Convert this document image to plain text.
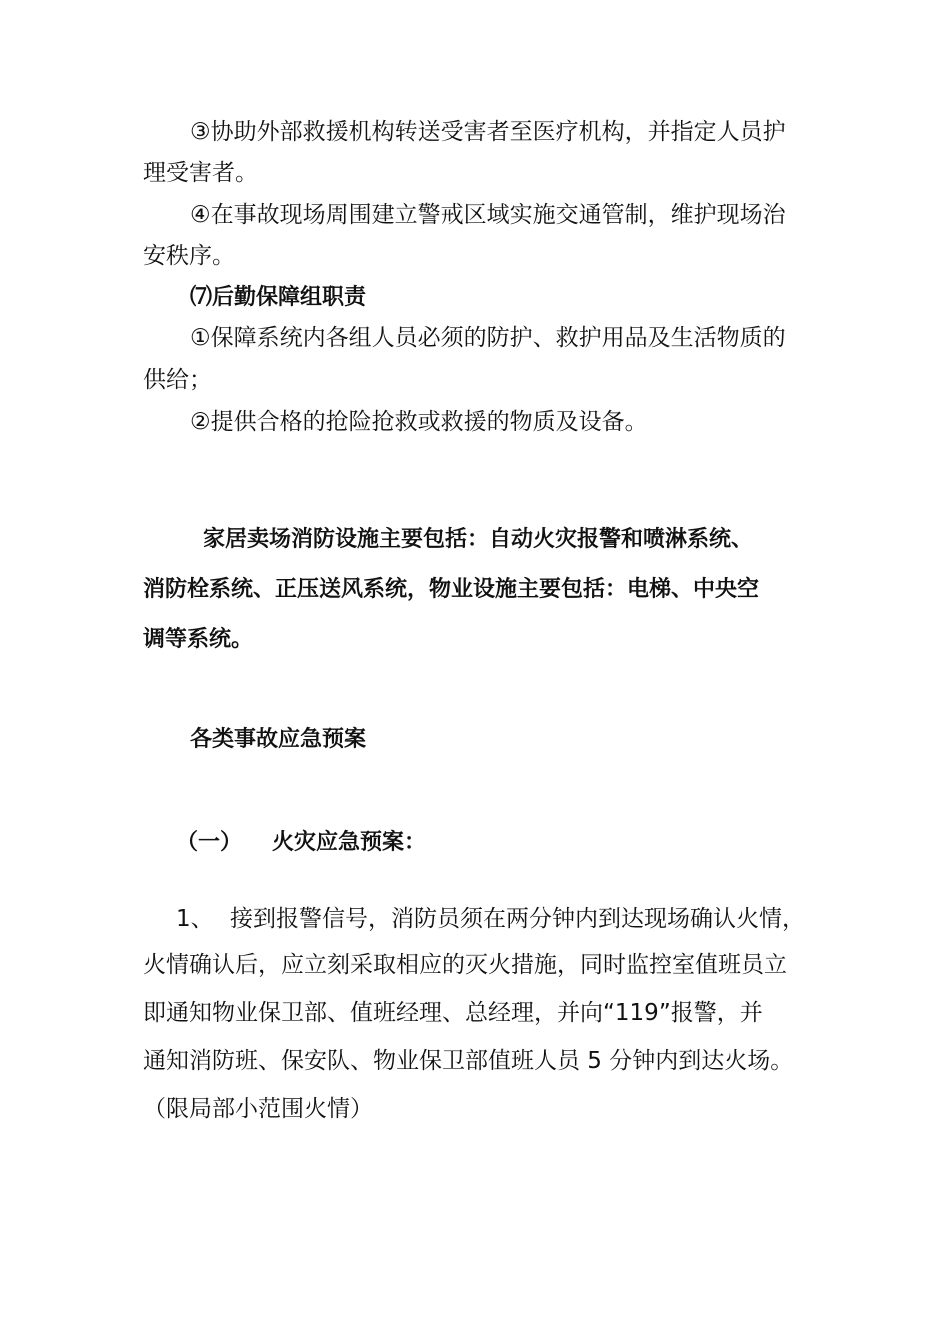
③协助外部救援机构转送受害者至医疗机构，并指定人员护
理受害者。
④在事故现场周围建立警戒区域实施交通管制，维护现场治
安秩序。
⑺后勤保障组职责
①保障系统内各组人员必须的防护、救护用品及生活物质的
供给；
②提供合格的抢险抢救或救援的物质及设备。
家居卖场消防设施主要包括：自动火灾报警和喷淋系统、
消防栓系统、正压送风系统，物业设施主要包括：电梯、中央空
调等系统。
各类事故应急预案
（一） 火灾应急预案：
1、 接到报警信号，消防员须在两分钟内到达现场确认火情，
火情确认后，应立刻采取相应的灭火措施，同时监控室值班员立
即通知物业保卫部、值班经理、总经理，并向“119”报警，并
通知消防班、保安队、物业保卫部值班人员 5 分钟内到达火场。
（限局部小范围火情）
